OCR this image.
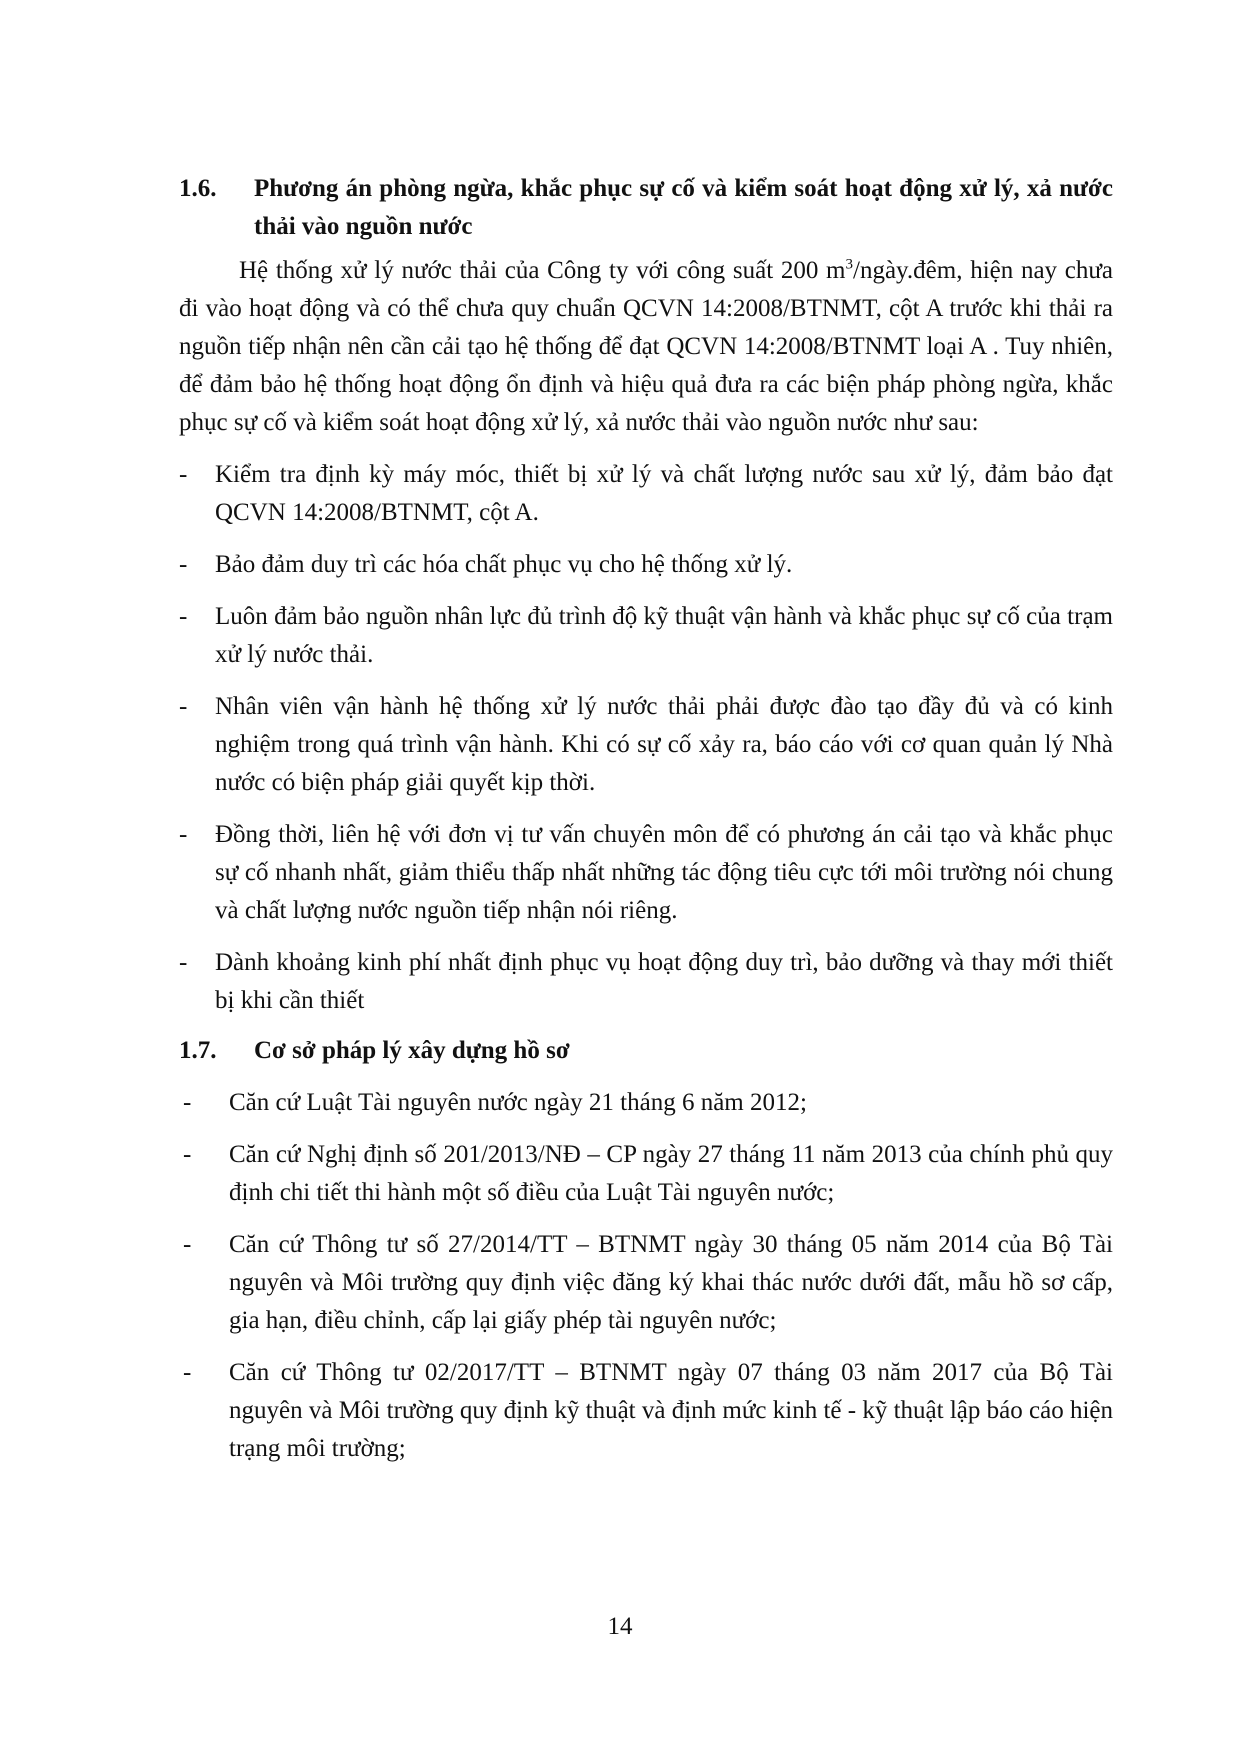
1.6.	Phương án phòng ngừa, khắc phục sự cố và kiểm soát hoạt động xử lý, xả nước thải vào nguồn nước

Hệ thống xử lý nước thải của Công ty với công suất 200 $m^3/ngày.đêm$, hiện nay chưa đi vào hoạt động và có thể chưa quy chuẩn QCVN 14:2008/BTNMT, cột A trước khi thải ra nguồn tiếp nhận nên cần cải tạo hệ thống để đạt QCVN 14:2008/BTNMT loại A . Tuy nhiên, để đảm bảo hệ thống hoạt động ổn định và hiệu quả đưa ra các biện pháp phòng ngừa, khắc phục sự cố và kiểm soát hoạt động xử lý, xả nước thải vào nguồn nước như sau:

-	Kiểm tra định kỳ máy móc, thiết bị xử lý và chất lượng nước sau xử lý, đảm bảo đạt QCVN 14:2008/BTNMT, cột A.
-	Bảo đảm duy trì các hóa chất phục vụ cho hệ thống xử lý.
-	Luôn đảm bảo nguồn nhân lực đủ trình độ kỹ thuật vận hành và khắc phục sự cố của trạm xử lý nước thải.
-	Nhân viên vận hành hệ thống xử lý nước thải phải được đào tạo đầy đủ và có kinh nghiệm trong quá trình vận hành. Khi có sự cố xảy ra, báo cáo với cơ quan quản lý Nhà nước có biện pháp giải quyết kịp thời.
-	Đồng thời, liên hệ với đơn vị tư vấn chuyên môn để có phương án cải tạo và khắc phục sự cố nhanh nhất, giảm thiểu thấp nhất những tác động tiêu cực tới môi trường nói chung và chất lượng nước nguồn tiếp nhận nói riêng.
-	Dành khoảng kinh phí nhất định phục vụ hoạt động duy trì, bảo dưỡng và thay mới thiết bị khi cần thiết
1.7.	Cơ sở pháp lý xây dựng hồ sơ
-	Căn cứ Luật Tài nguyên nước ngày 21 tháng 6 năm 2012;
-	Căn cứ Nghị định số 201/2013/NĐ – CP ngày 27 tháng 11 năm 2013 của chính phủ quy định chi tiết thi hành một số điều của Luật Tài nguyên nước;
-	Căn cứ Thông tư số 27/2014/TT – BTNMT ngày 30 tháng 05 năm 2014 của Bộ Tài nguyên và Môi trường quy định việc đăng ký khai thác nước dưới đất, mẫu hồ sơ cấp, gia hạn, điều chỉnh, cấp lại giấy phép tài nguyên nước;
-	Căn cứ Thông tư 02/2017/TT – BTNMT ngày 07 tháng 03 năm 2017 của Bộ Tài nguyên và Môi trường quy định kỹ thuật và định mức kinh tế - kỹ thuật lập báo cáo hiện trạng môi trường;
14
